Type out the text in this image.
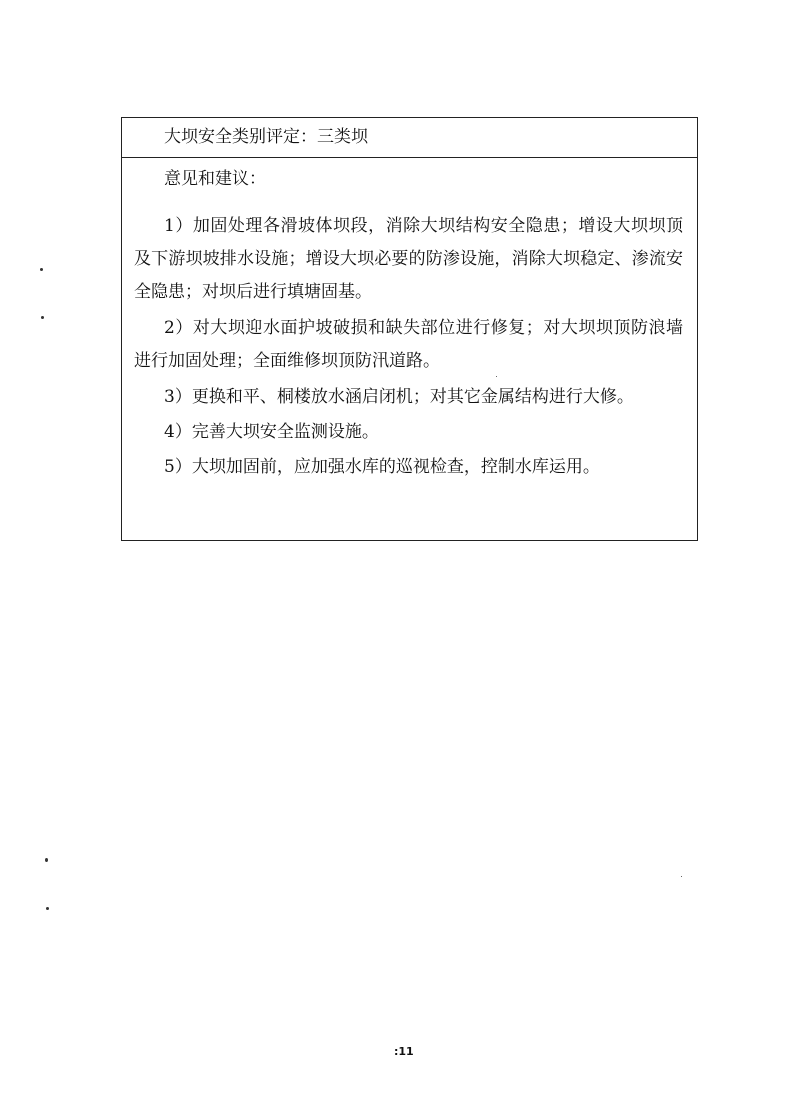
大坝安全类别评定：三类坝
意见和建议：

1）加固处理各滑坡体坝段，消除大坝结构安全隐患；增设大坝坝顶及下游坝坡排水设施；增设大坝必要的防渗设施，消除大坝稳定、渗流安全隐患；对坝后进行填塘固基。

2）对大坝迎水面护坡破损和缺失部位进行修复；对大坝坝顶防浪墙进行加固处理；全面维修坝顶防汛道路。

3）更换和平、桐楼放水涵启闭机；对其它金属结构进行大修。

4）完善大坝安全监测设施。

5）大坝加固前，应加强水库的巡视检查，控制水库运用。

:11
